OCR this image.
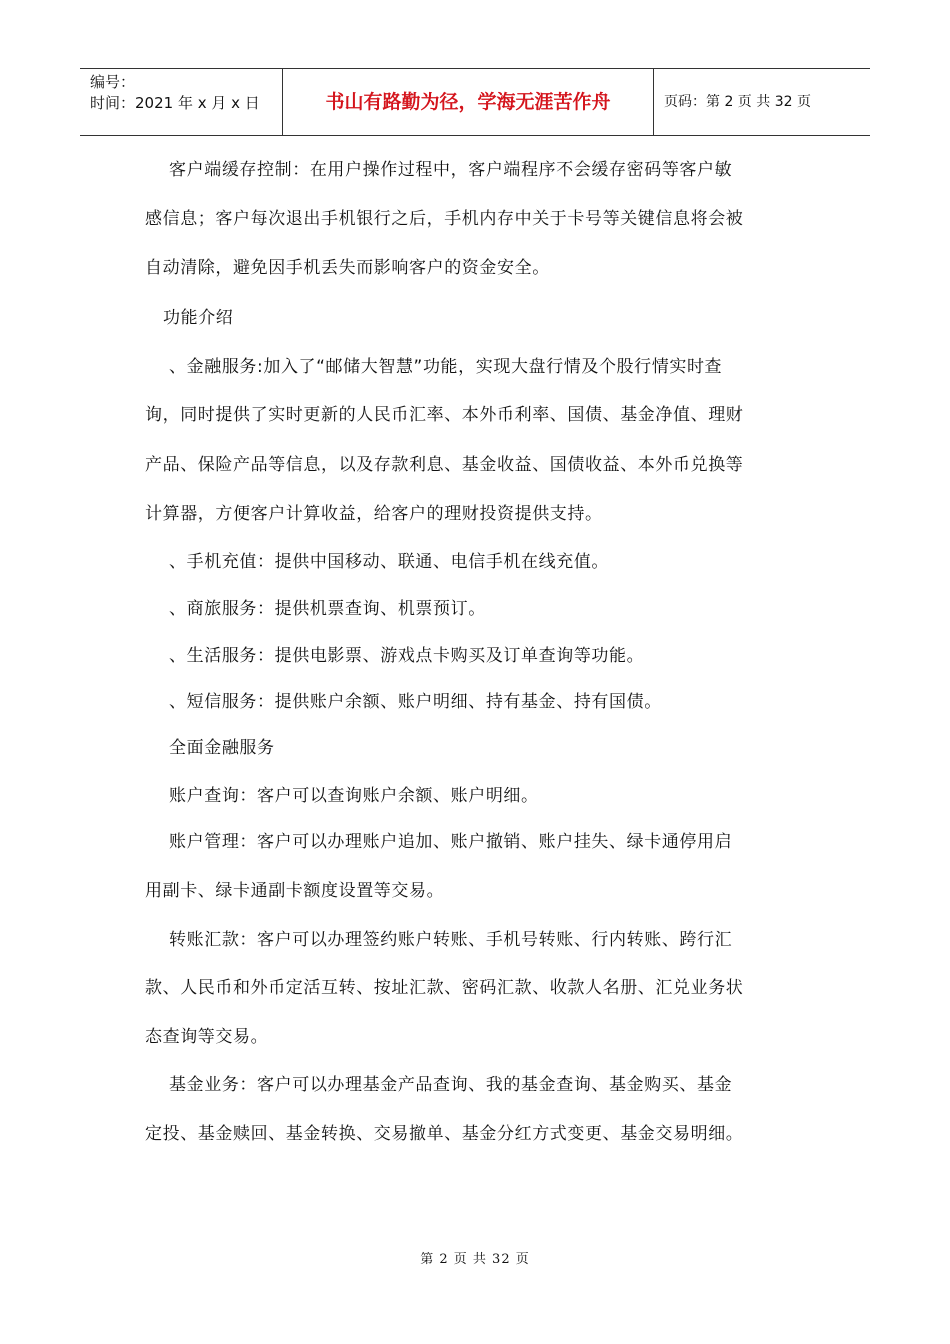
编号：
时间：2021 年 x 月 x 日	书山有路勤为径，学海无涯苦作舟	页码：第 2 页 共 32 页
客户端缓存控制：在用户操作过程中，客户端程序不会缓存密码等客户敏
感信息；客户每次退出手机银行之后，手机内存中关于卡号等关键信息将会被
自动清除，避免因手机丢失而影响客户的资金安全。
功能介绍
、金融服务:加入了“邮储大智慧”功能，实现大盘行情及个股行情实时查
询，同时提供了实时更新的人民币汇率、本外币利率、国债、基金净值、理财
产品、保险产品等信息，以及存款利息、基金收益、国债收益、本外币兑换等
计算器，方便客户计算收益，给客户的理财投资提供支持。
、手机充值：提供中国移动、联通、电信手机在线充值。
、商旅服务：提供机票查询、机票预订。
、生活服务：提供电影票、游戏点卡购买及订单查询等功能。
、短信服务：提供账户余额、账户明细、持有基金、持有国债。
全面金融服务
账户查询：客户可以查询账户余额、账户明细。
账户管理：客户可以办理账户追加、账户撤销、账户挂失、绿卡通停用启
用副卡、绿卡通副卡额度设置等交易。
转账汇款：客户可以办理签约账户转账、手机号转账、行内转账、跨行汇
款、人民币和外币定活互转、按址汇款、密码汇款、收款人名册、汇兑业务状
态查询等交易。
基金业务：客户可以办理基金产品查询、我的基金查询、基金购买、基金
定投、基金赎回、基金转换、交易撤单、基金分红方式变更、基金交易明细。
第 2 页 共 32 页
